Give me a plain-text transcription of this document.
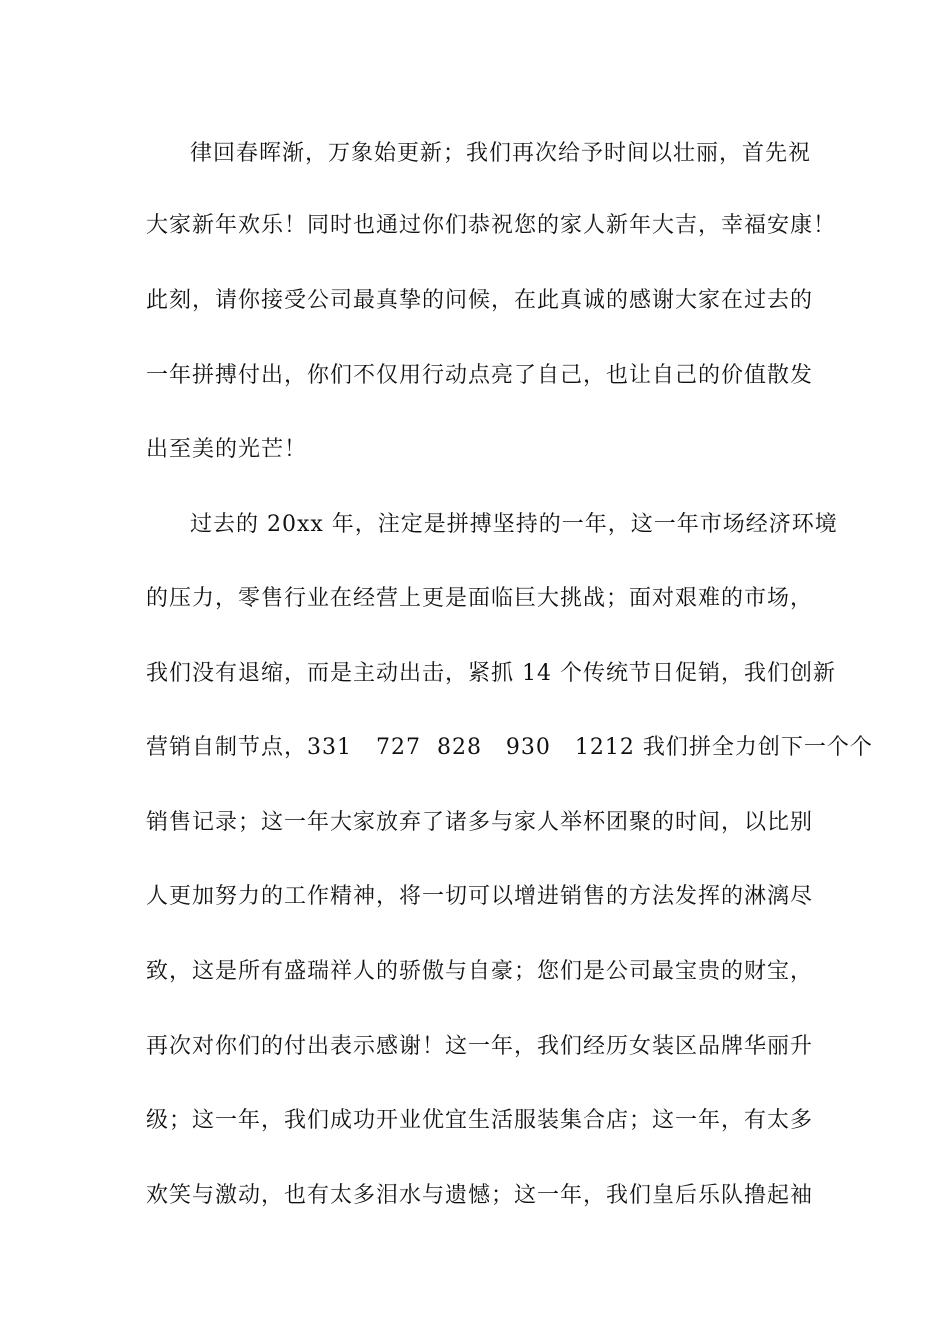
律回春晖渐，万象始更新；我们再次给予时间以壮丽，首先祝
大家新年欢乐！同时也通过你们恭祝您的家人新年大吉，幸福安康！
此刻，请你接受公司最真挚的问候，在此真诚的感谢大家在过去的
一年拼搏付出，你们不仅用行动点亮了自己，也让自己的价值散发
出至美的光芒！
过去的 20xx 年，注定是拼搏坚持的一年，这一年市场经济环境
的压力，零售行业在经营上更是面临巨大挑战；面对艰难的市场，
我们没有退缩，而是主动出击，紧抓 14 个传统节日促销，我们创新
营销自制节点，331   727  828   930   1212 我们拼全力创下一个个
销售记录；这一年大家放弃了诸多与家人举杯团聚的时间，以比别
人更加努力的工作精神，将一切可以增进销售的方法发挥的淋漓尽
致，这是所有盛瑞祥人的骄傲与自豪；您们是公司最宝贵的财宝，
再次对你们的付出表示感谢！这一年，我们经历女装区品牌华丽升
级；这一年，我们成功开业优宜生活服装集合店；这一年，有太多
欢笑与激动，也有太多泪水与遗憾；这一年，我们皇后乐队撸起袖
